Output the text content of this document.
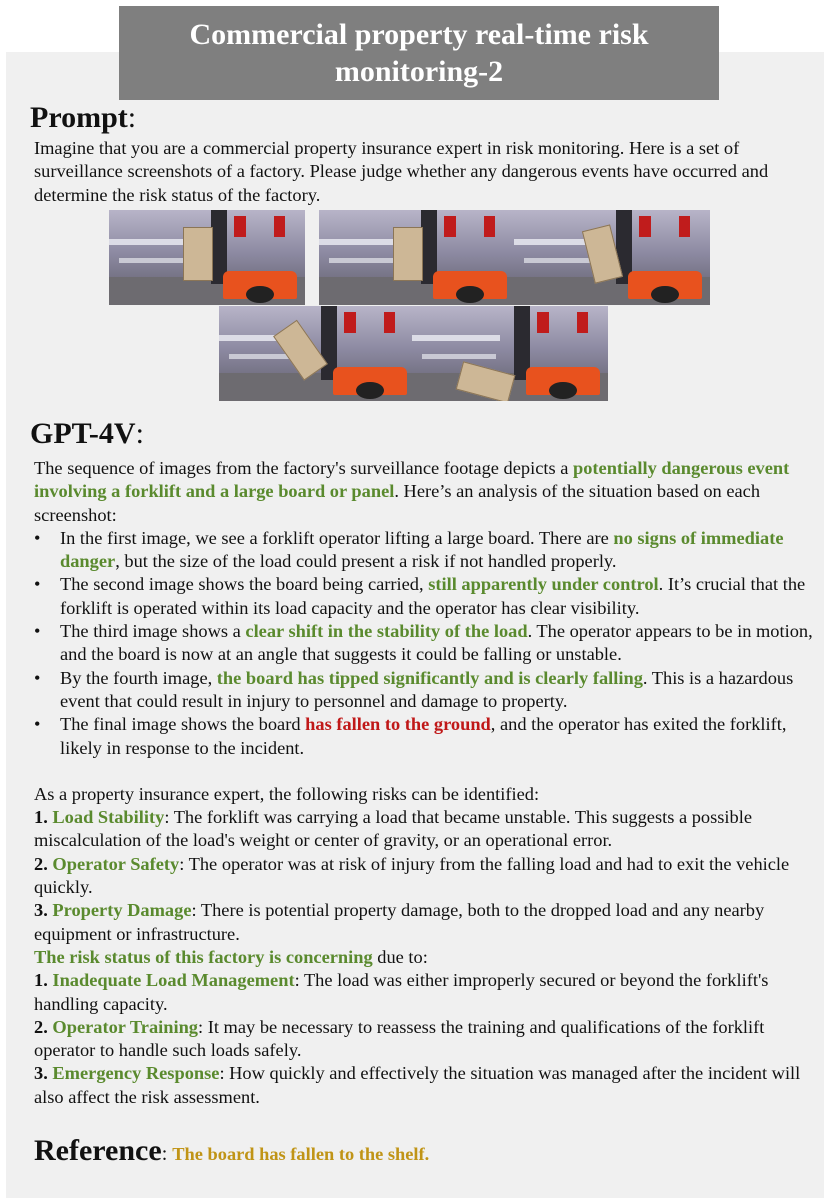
Commercial property real-time risk monitoring-2
Prompt:
Imagine that you are a commercial property insurance expert in risk monitoring. Here is a set of surveillance screenshots of a factory. Please judge whether any dangerous events have occurred and determine the risk status of the factory.
GPT-4V:
The sequence of images from the factory's surveillance footage depicts a potentially dangerous event involving a forklift and a large board or panel. Here’s an analysis of the situation based on each screenshot:
• In the first image, we see a forklift operator lifting a large board. There are no signs of immediate danger, but the size of the load could present a risk if not handled properly.
• The second image shows the board being carried, still apparently under control. It’s crucial that the forklift is operated within its load capacity and the operator has clear visibility.
• The third image shows a clear shift in the stability of the load. The operator appears to be in motion, and the board is now at an angle that suggests it could be falling or unstable.
• By the fourth image, the board has tipped significantly and is clearly falling. This is a hazardous event that could result in injury to personnel and damage to property.
• The final image shows the board has fallen to the ground, and the operator has exited the forklift, likely in response to the incident.
As a property insurance expert, the following risks can be identified:
1. Load Stability: The forklift was carrying a load that became unstable. This suggests a possible miscalculation of the load's weight or center of gravity, or an operational error.
2. Operator Safety: The operator was at risk of injury from the falling load and had to exit the vehicle quickly.
3. Property Damage: There is potential property damage, both to the dropped load and any nearby equipment or infrastructure.
The risk status of this factory is concerning due to:
1. Inadequate Load Management: The load was either improperly secured or beyond the forklift's handling capacity.
2. Operator Training: It may be necessary to reassess the training and qualifications of the forklift operator to handle such loads safely.
3. Emergency Response: How quickly and effectively the situation was managed after the incident will also affect the risk assessment.
Reference: The board has fallen to the shelf.
